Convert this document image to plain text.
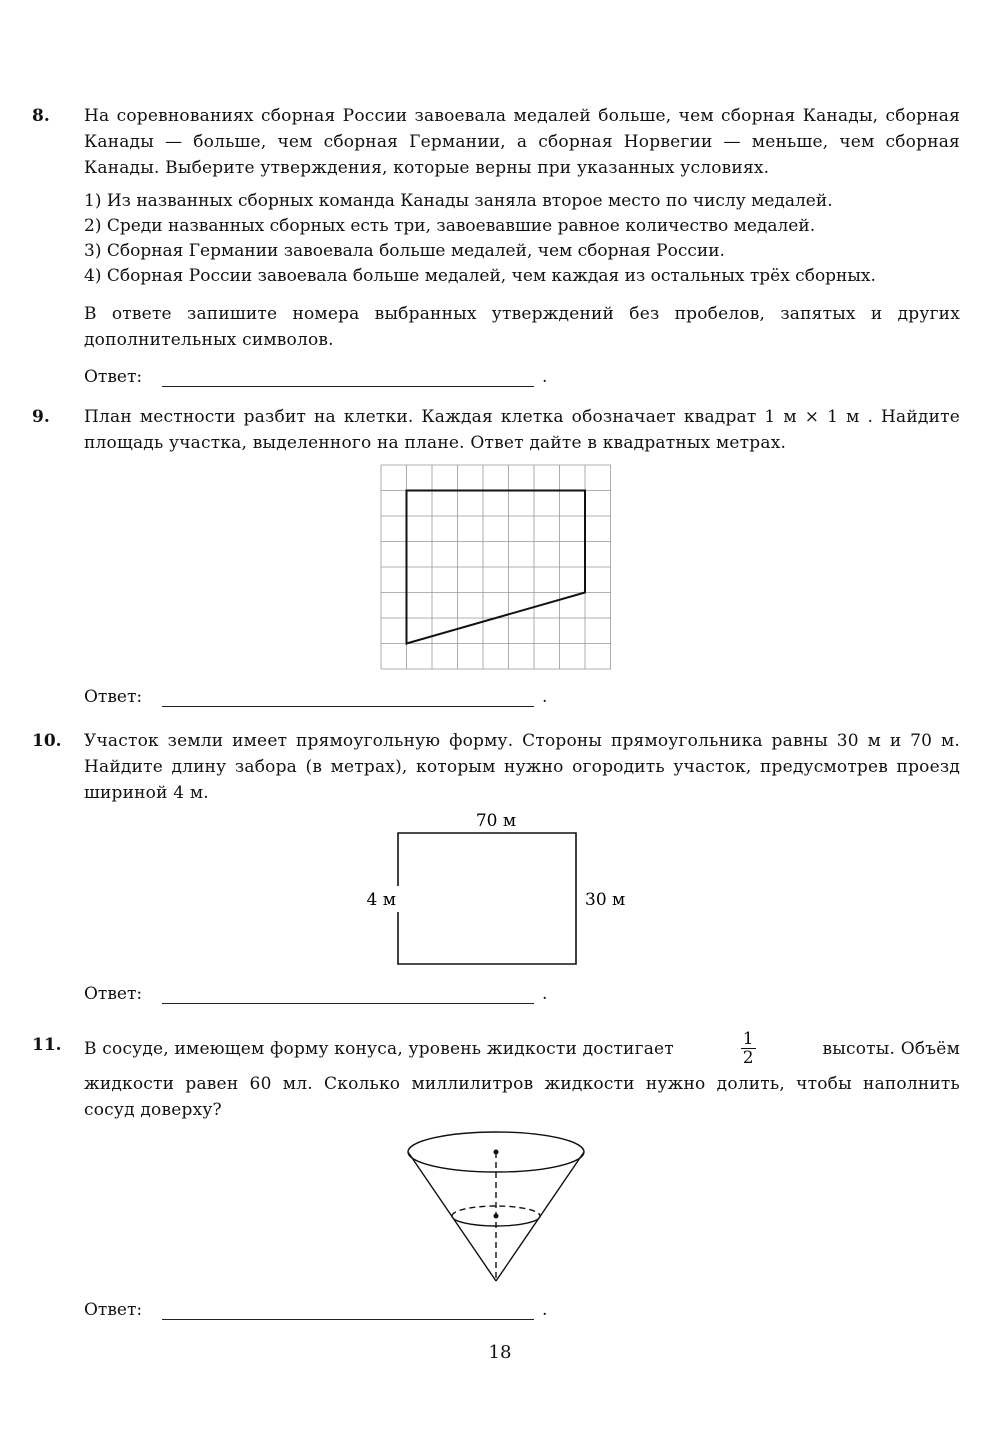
8. На соревнованиях сборная России завоевала медалей больше, чем сборная Канады, сборная Канады — больше, чем сборная Германии, а сборная Норвегии — меньше, чем сборная Канады. Выберите утверждения, которые верны при указанных условиях.

1) Из названных сборных команда Канады заняла второе место по числу медалей.
2) Среди названных сборных есть три, завоевавшие равное количество медалей.
3) Сборная Германии завоевала больше медалей, чем сборная России.
4) Сборная России завоевала больше медалей, чем каждая из остальных трёх сборных.

В ответе запишите номера выбранных утверждений без пробелов, запятых и других дополнительных символов.

Ответ:	.
9. План местности разбит на клетки. Каждая клетка обозначает квадрат 1 м × 1 м . Найдите площадь участка, выделенного на плане. Ответ дайте в квадратных метрах.

Ответ:	.
10. Участок земли имеет прямоугольную форму. Стороны прямоугольника равны 30 м и 70 м. Найдите длину забора (в метрах), которым нужно огородить участок, предусмотрев проезд шириной 4 м.

70 м
4 м	30 м
Ответ:	.
11. В сосуде, имеющем форму конуса, уровень жидкости достигает	$\frac{1}{2}$	высоты. Объём

жидкости равен 60 мл. Сколько миллилитров жидкости нужно долить, чтобы наполнить сосуд доверху?

Ответ:	.
18
